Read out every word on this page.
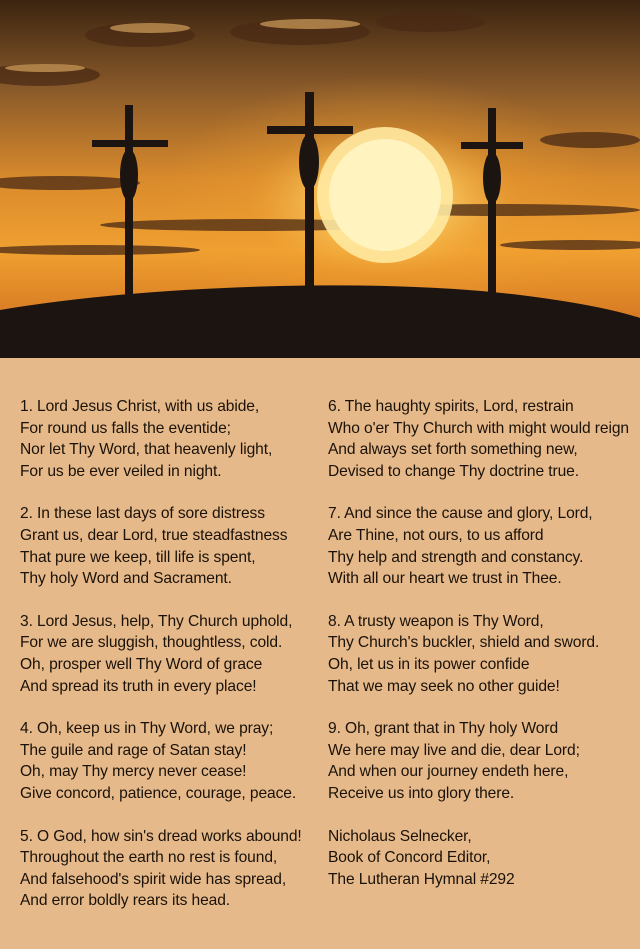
1. Lord Jesus Christ, with us abide,
For round us falls the eventide;
Nor let Thy Word, that heavenly light,
For us be ever veiled in night.
2. In these last days of sore distress
Grant us, dear Lord, true steadfastness
That pure we keep, till life is spent,
Thy holy Word and Sacrament.
3. Lord Jesus, help, Thy Church uphold,
For we are sluggish, thoughtless, cold.
Oh, prosper well Thy Word of grace
And spread its truth in every place!
4. Oh, keep us in Thy Word, we pray;
The guile and rage of Satan stay!
Oh, may Thy mercy never cease!
Give concord, patience, courage, peace.
5. O God, how sin's dread works abound!
Throughout the earth no rest is found,
And falsehood's spirit wide has spread,
And error boldly rears its head.
6. The haughty spirits, Lord, restrain
Who o'er Thy Church with might would reign
And always set forth something new,
Devised to change Thy doctrine true.
7. And since the cause and glory, Lord,
Are Thine, not ours, to us afford
Thy help and strength and constancy.
With all our heart we trust in Thee.
8. A trusty weapon is Thy Word,
Thy Church's buckler, shield and sword.
Oh, let us in its power confide
That we may seek no other guide!
9. Oh, grant that in Thy holy Word
We here may live and die, dear Lord;
And when our journey endeth here,
Receive us into glory there.
Nicholaus Selnecker,
Book of Concord Editor,
The Lutheran Hymnal #292
